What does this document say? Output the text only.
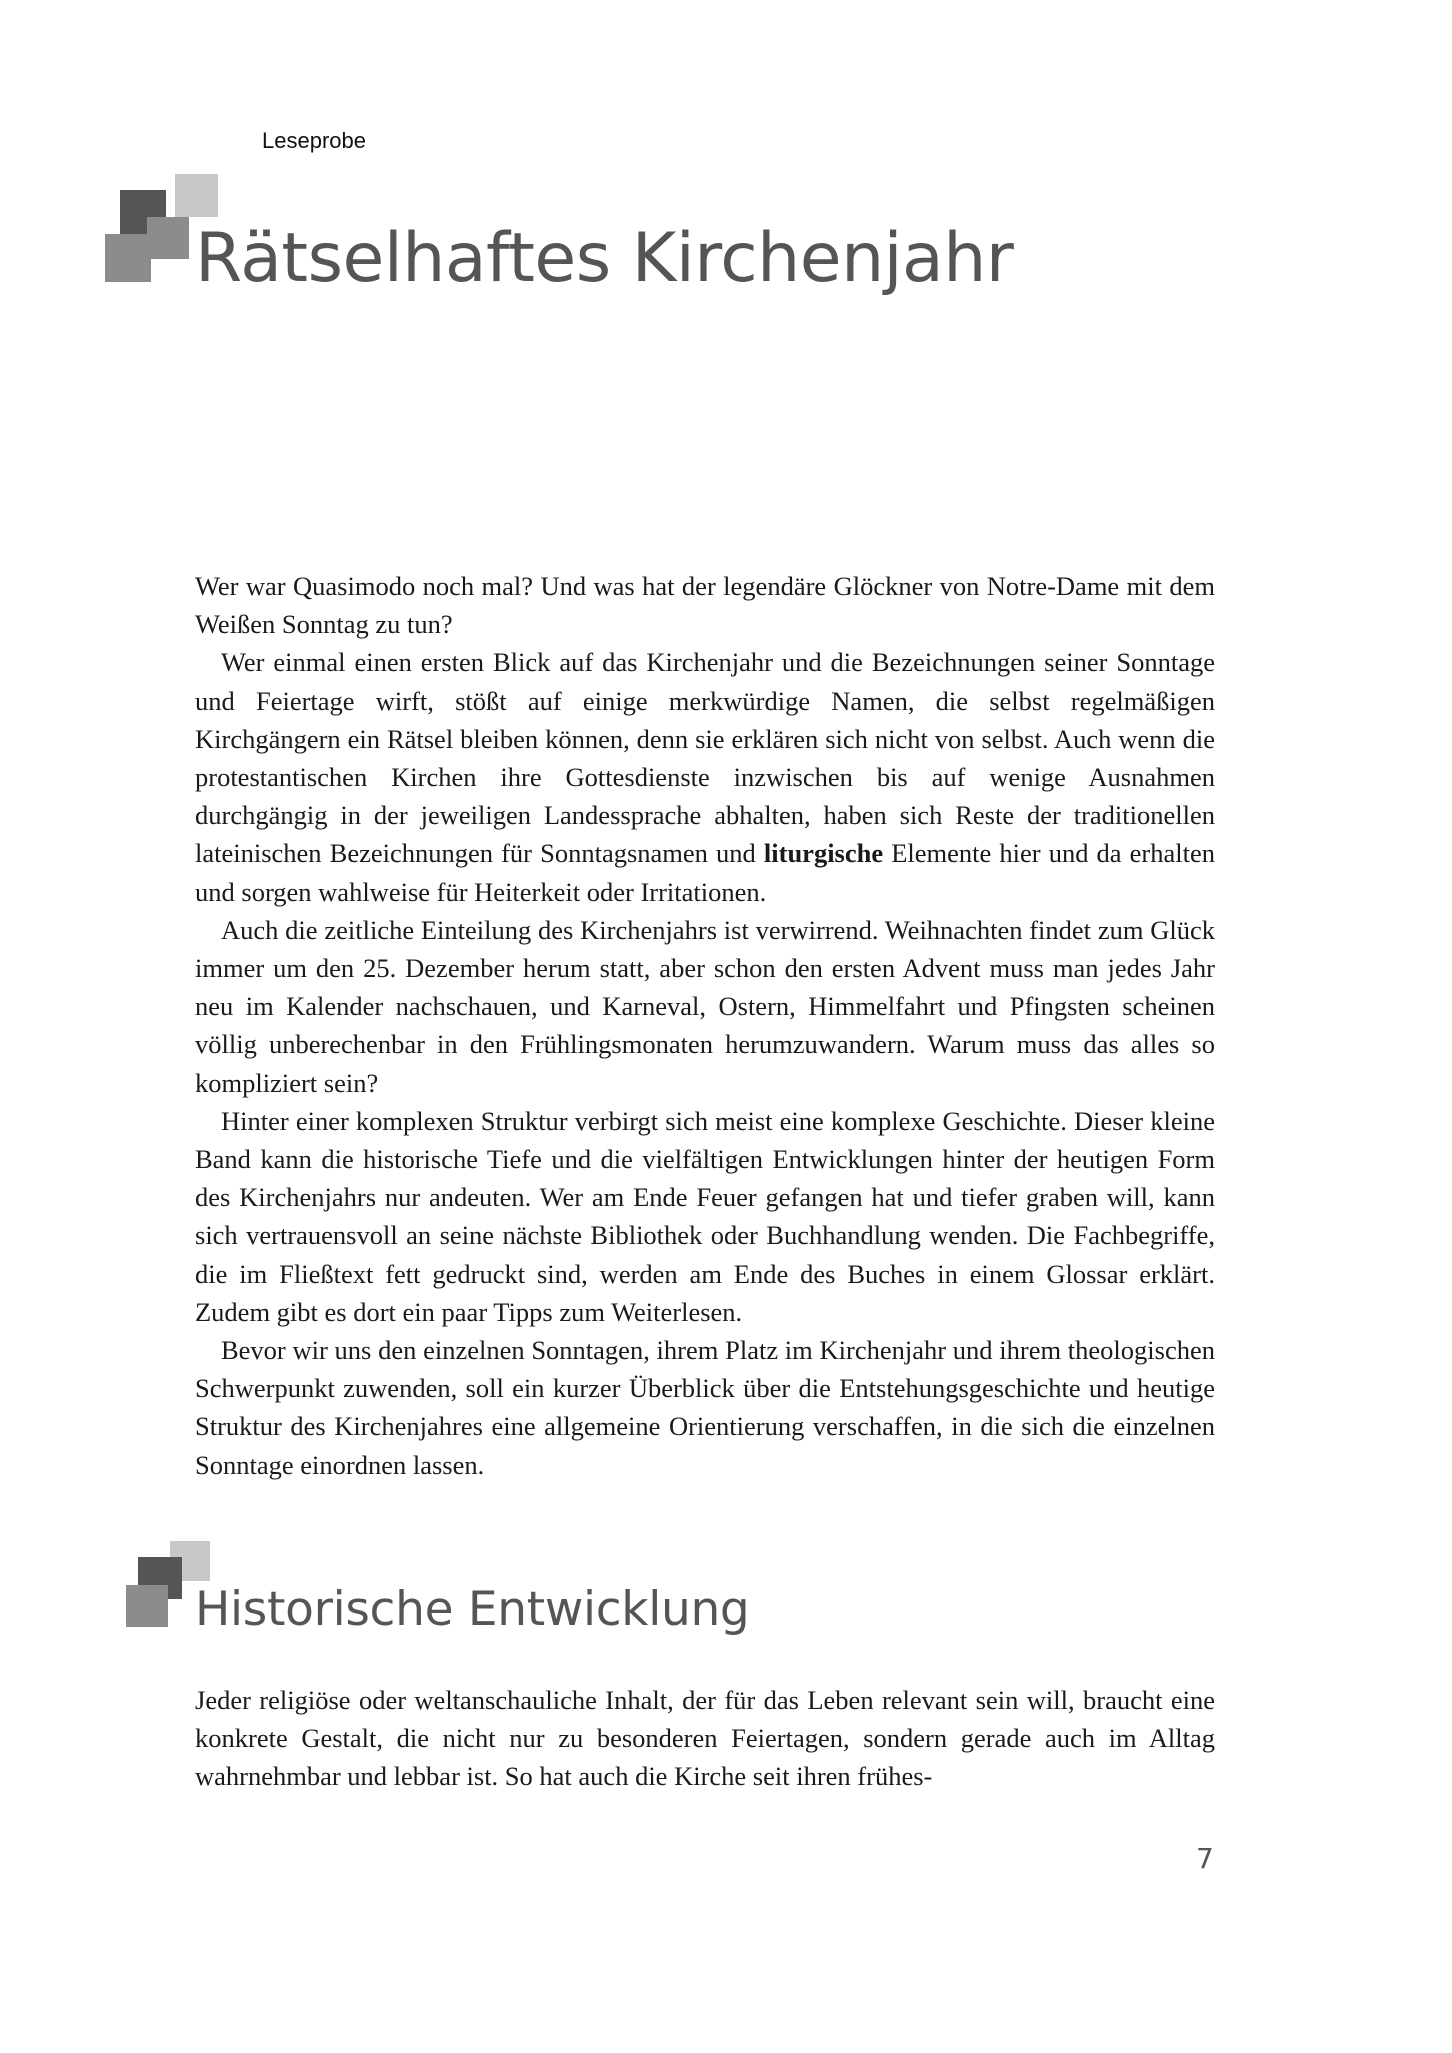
Leseprobe
Rätselhaftes Kirchenjahr

Wer war Quasimodo noch mal? Und was hat der legendäre Glöckner von Notre-Dame mit dem Weißen Sonntag zu tun?

Wer einmal einen ersten Blick auf das Kirchenjahr und die Bezeichnungen seiner Sonntage und Feiertage wirft, stößt auf einige merkwürdige Namen, die selbst regelmäßigen Kirchgängern ein Rätsel bleiben können, denn sie erklären sich nicht von selbst. Auch wenn die protestantischen Kirchen ihre Gottesdienste inzwischen bis auf wenige Ausnahmen durchgängig in der jeweiligen Landessprache abhalten, haben sich Reste der traditionellen lateinischen Bezeichnungen für Sonntagsnamen und liturgische Elemente hier und da erhalten und sorgen wahlweise für Heiterkeit oder Irritationen.

Auch die zeitliche Einteilung des Kirchenjahrs ist verwirrend. Weihnachten findet zum Glück immer um den 25. Dezember herum statt, aber schon den ersten Advent muss man jedes Jahr neu im Kalender nachschauen, und Karneval, Ostern, Himmelfahrt und Pfingsten scheinen völlig unberechenbar in den Frühlingsmonaten herumzuwandern. Warum muss das alles so kompliziert sein?

Hinter einer komplexen Struktur verbirgt sich meist eine komplexe Geschichte. Dieser kleine Band kann die historische Tiefe und die vielfältigen Entwicklungen hinter der heutigen Form des Kirchenjahrs nur andeuten. Wer am Ende Feuer gefangen hat und tiefer graben will, kann sich vertrauensvoll an seine nächste Bibliothek oder Buchhandlung wenden. Die Fachbegriffe, die im Fließtext fett gedruckt sind, werden am Ende des Buches in einem Glossar erklärt. Zudem gibt es dort ein paar Tipps zum Weiterlesen.

Bevor wir uns den einzelnen Sonntagen, ihrem Platz im Kirchenjahr und ihrem theologischen Schwerpunkt zuwenden, soll ein kurzer Überblick über die Entstehungsgeschichte und heutige Struktur des Kirchenjahres eine allgemeine Orientierung verschaffen, in die sich die einzelnen Sonntage einordnen lassen.

Historische Entwicklung

Jeder religiöse oder weltanschauliche Inhalt, der für das Leben relevant sein will, braucht eine konkrete Gestalt, die nicht nur zu besonderen Feiertagen, sondern gerade auch im Alltag wahrnehmbar und lebbar ist. So hat auch die Kirche seit ihren frühes-

7
